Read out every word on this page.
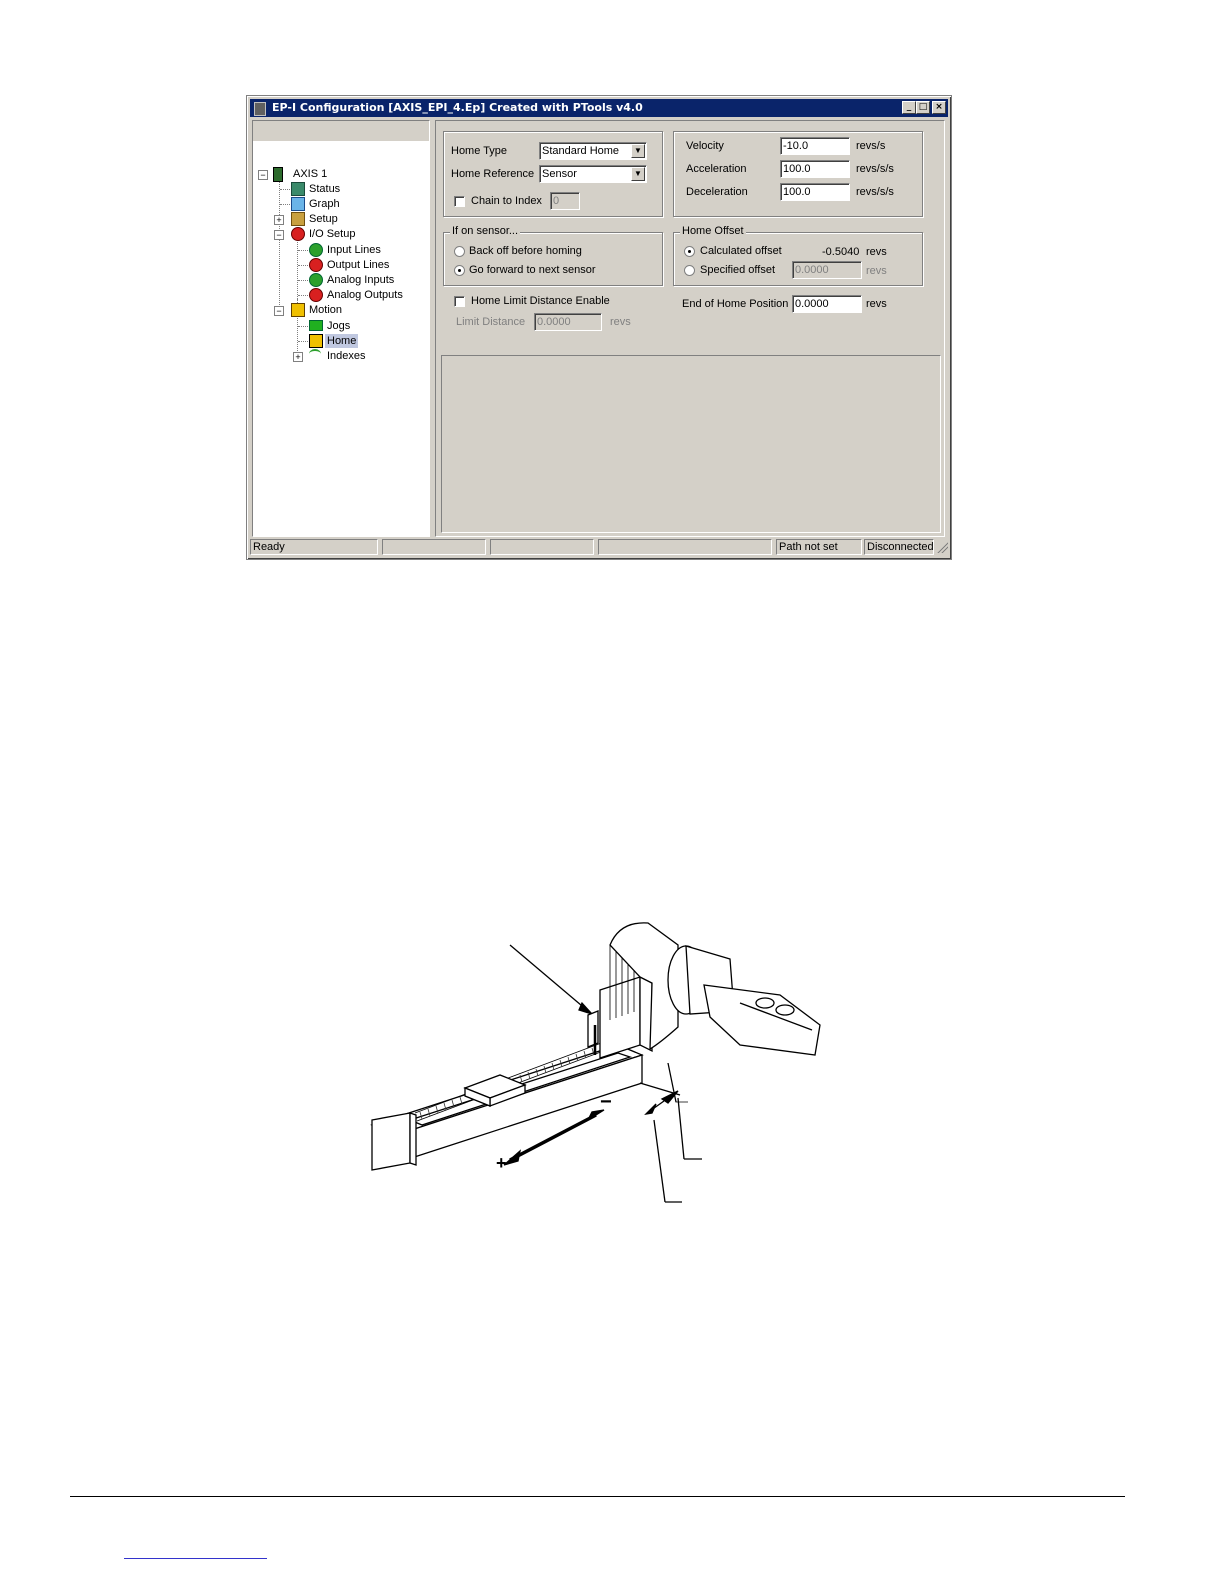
EP-I Configuration [AXIS_EPI_4.Ep] Created with PTools v4.0	_ □ ×
− AXIS 1
Status
Graph
+ Setup
− I/O Setup
Input Lines
Output Lines
Analog Inputs
Analog Outputs
− Motion
Jogs
Home
+ Indexes
Home Type	Standard Home	▼
Home Reference Sensor	▼
Chain to Index 0
Velocity	-10.0	revs/s
Acceleration	100.0	revs/s/s
Deceleration	100.0	revs/s/s
If on sensor...
Back off before homing
Go forward to next sensor
Home Offset
Calculated offset	-0.5040 revs
Specified offset 0.0000	revs
Home Limit Distance Enable
Limit Distance 0.0000	revs
End of Home Position 0.0000	revs
Ready	Path not set	Disconnected
−
+
